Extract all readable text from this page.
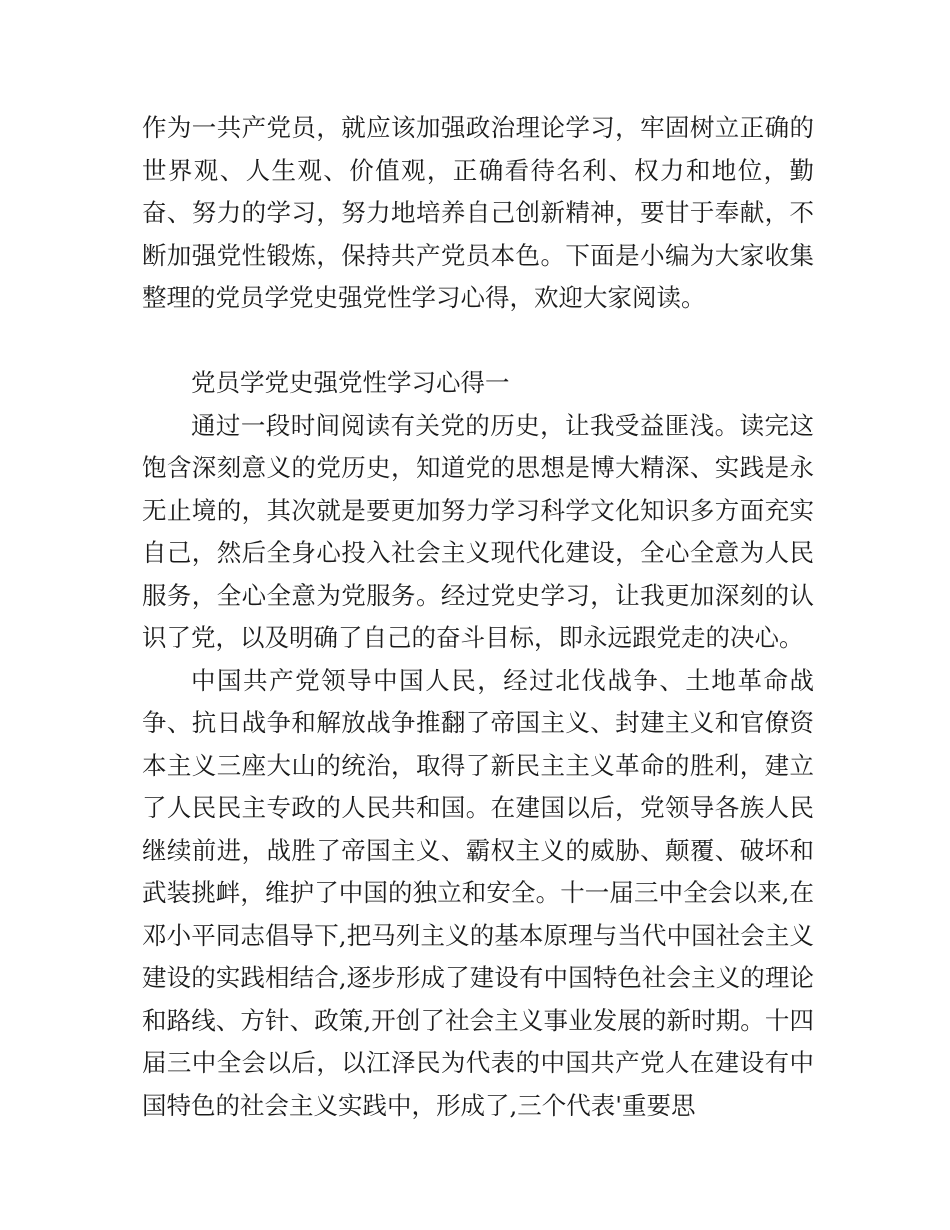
作为一共产党员，就应该加强政治理论学习，牢固树立正确的世界观、人生观、价值观，正确看待名利、权力和地位，勤奋、努力的学习，努力地培养自己创新精神，要甘于奉献，不断加强党性锻炼，保持共产党员本色。下面是小编为大家收集整理的党员学党史强党性学习心得，欢迎大家阅读。

党员学党史强党性学习心得一

通过一段时间阅读有关党的历史，让我受益匪浅。读完这饱含深刻意义的党历史，知道党的思想是博大精深、实践是永无止境的，其次就是要更加努力学习科学文化知识多方面充实自己，然后全身心投入社会主义现代化建设，全心全意为人民服务，全心全意为党服务。经过党史学习，让我更加深刻的认识了党，以及明确了自己的奋斗目标，即永远跟党走的决心。

中国共产党领导中国人民，经过北伐战争、土地革命战争、抗日战争和解放战争推翻了帝国主义、封建主义和官僚资本主义三座大山的统治，取得了新民主主义革命的胜利，建立了人民民主专政的人民共和国。在建国以后，党领导各族人民继续前进，战胜了帝国主义、霸权主义的威胁、颠覆、破坏和武装挑衅，维护了中国的独立和安全。十一届三中全会以来,在邓小平同志倡导下,把马列主义的基本原理与当代中国社会主义建设的实践相结合,逐步形成了建设有中国特色社会主义的理论和路线、方针、政策,开创了社会主义事业发展的新时期。十四届三中全会以后，以江泽民为代表的中国共产党人在建设有中国特色的社会主义实践中，形成了,三个代表'重要思
